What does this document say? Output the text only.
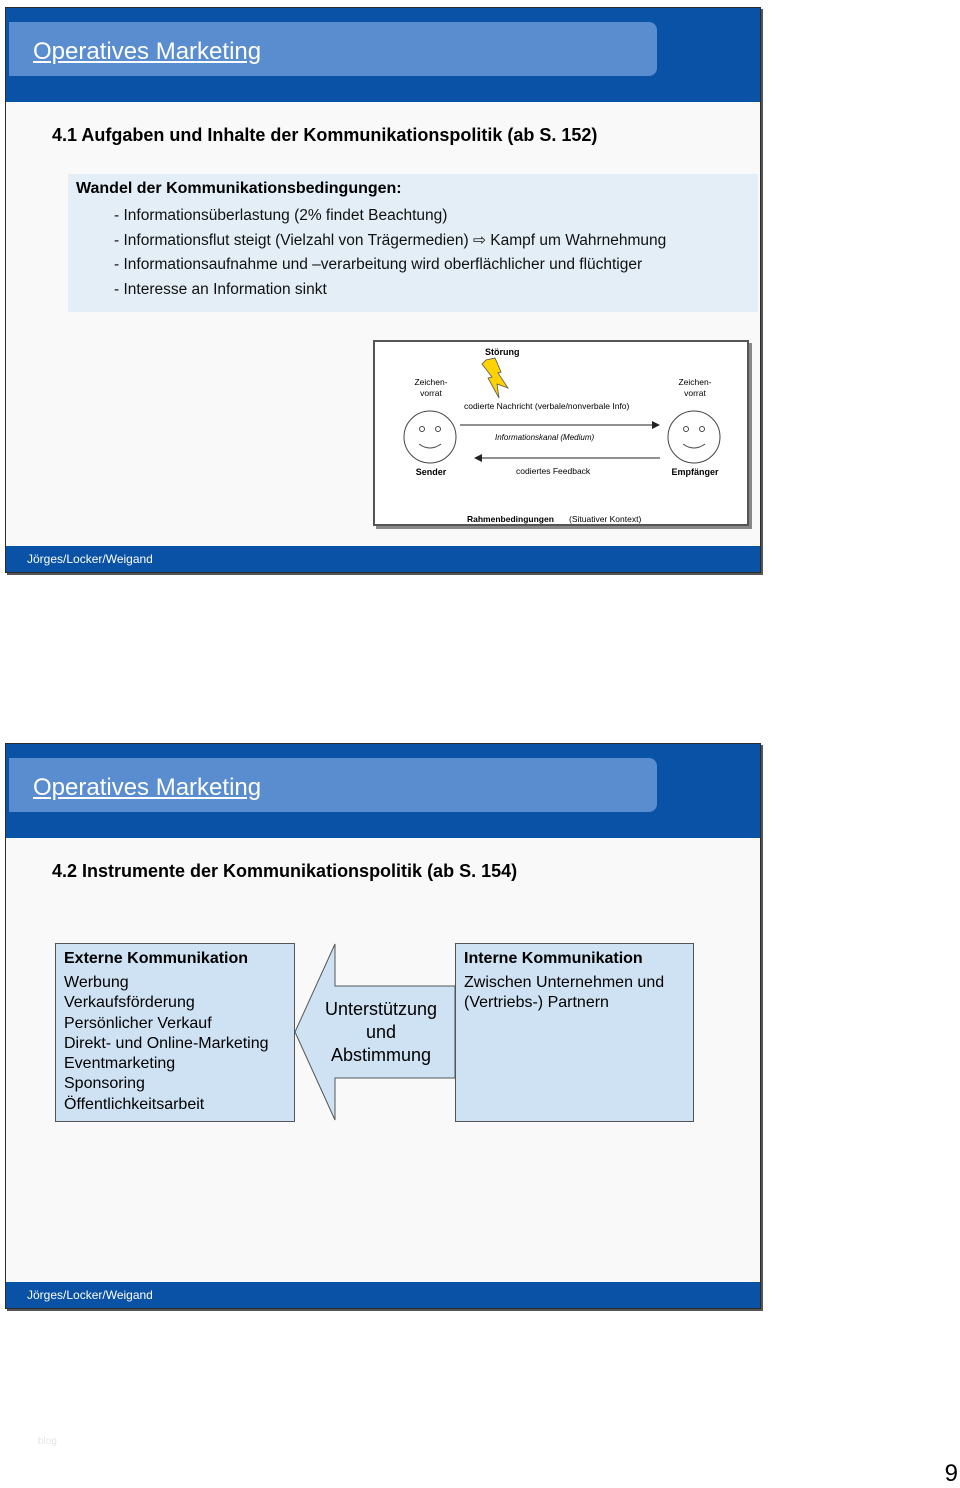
Operatives Marketing
4.1 Aufgaben und Inhalte der Kommunikationspolitik (ab S. 152)
Wandel der Kommunikationsbedingungen:
- Informationsüberlastung (2% findet Beachtung)
- Informationsflut steigt (Vielzahl von Trägermedien) ⇨ Kampf um Wahrnehmung
- Informationsaufnahme und –verarbeitung wird oberflächlicher und flüchtiger
- Interesse an Information sinkt
Störung
Zeichen-
vorrat
Zeichen-
vorrat
codierte Nachricht (verbale/nonverbale Info)
Informationskanal (Medium)
codiertes Feedback
Sender	Empfänger
Rahmenbedingungen (Situativer Kontext)
Jörges/Locker/Weigand
Operatives Marketing
4.2 Instrumente der Kommunikationspolitik (ab S. 154)
Externe Kommunikation
Werbung
Verkaufsförderung
Persönlicher Verkauf
Direkt- und Online-Marketing
Eventmarketing
Sponsoring
Öffentlichkeitsarbeit
Unterstützung
und
Abstimmung
Interne Kommunikation
Zwischen Unternehmen und
(Vertriebs-) Partnern
Jörges/Locker/Weigand
blog
9
